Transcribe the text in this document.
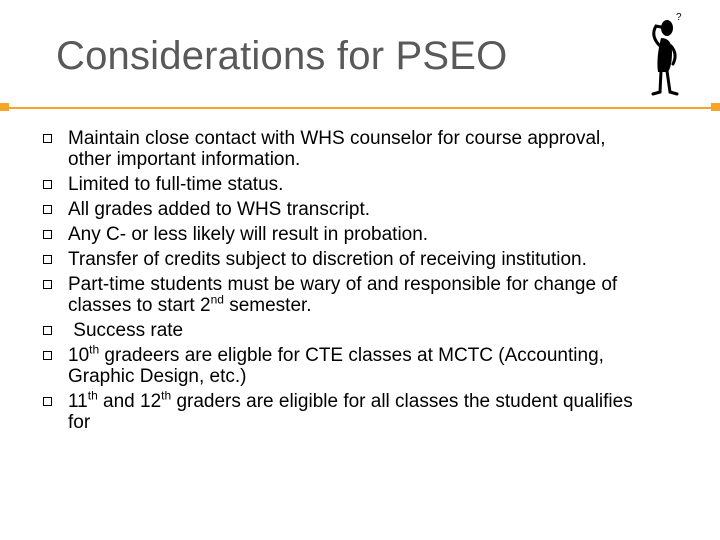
Considerations for PSEO
?
Maintain close contact with WHS counselor for course approval, other important information.
Limited to full-time status.
All grades added to WHS transcript.
Any C- or less likely will result in probation.
Transfer of credits subject to discretion of receiving institution.
Part-time students must be wary of and responsible for change of classes to start 2nd semester.
Success rate
10th gradeers are eligble for CTE classes at MCTC (Accounting, Graphic Design, etc.)
11th and 12th graders are eligible for all classes the student qualifies for
